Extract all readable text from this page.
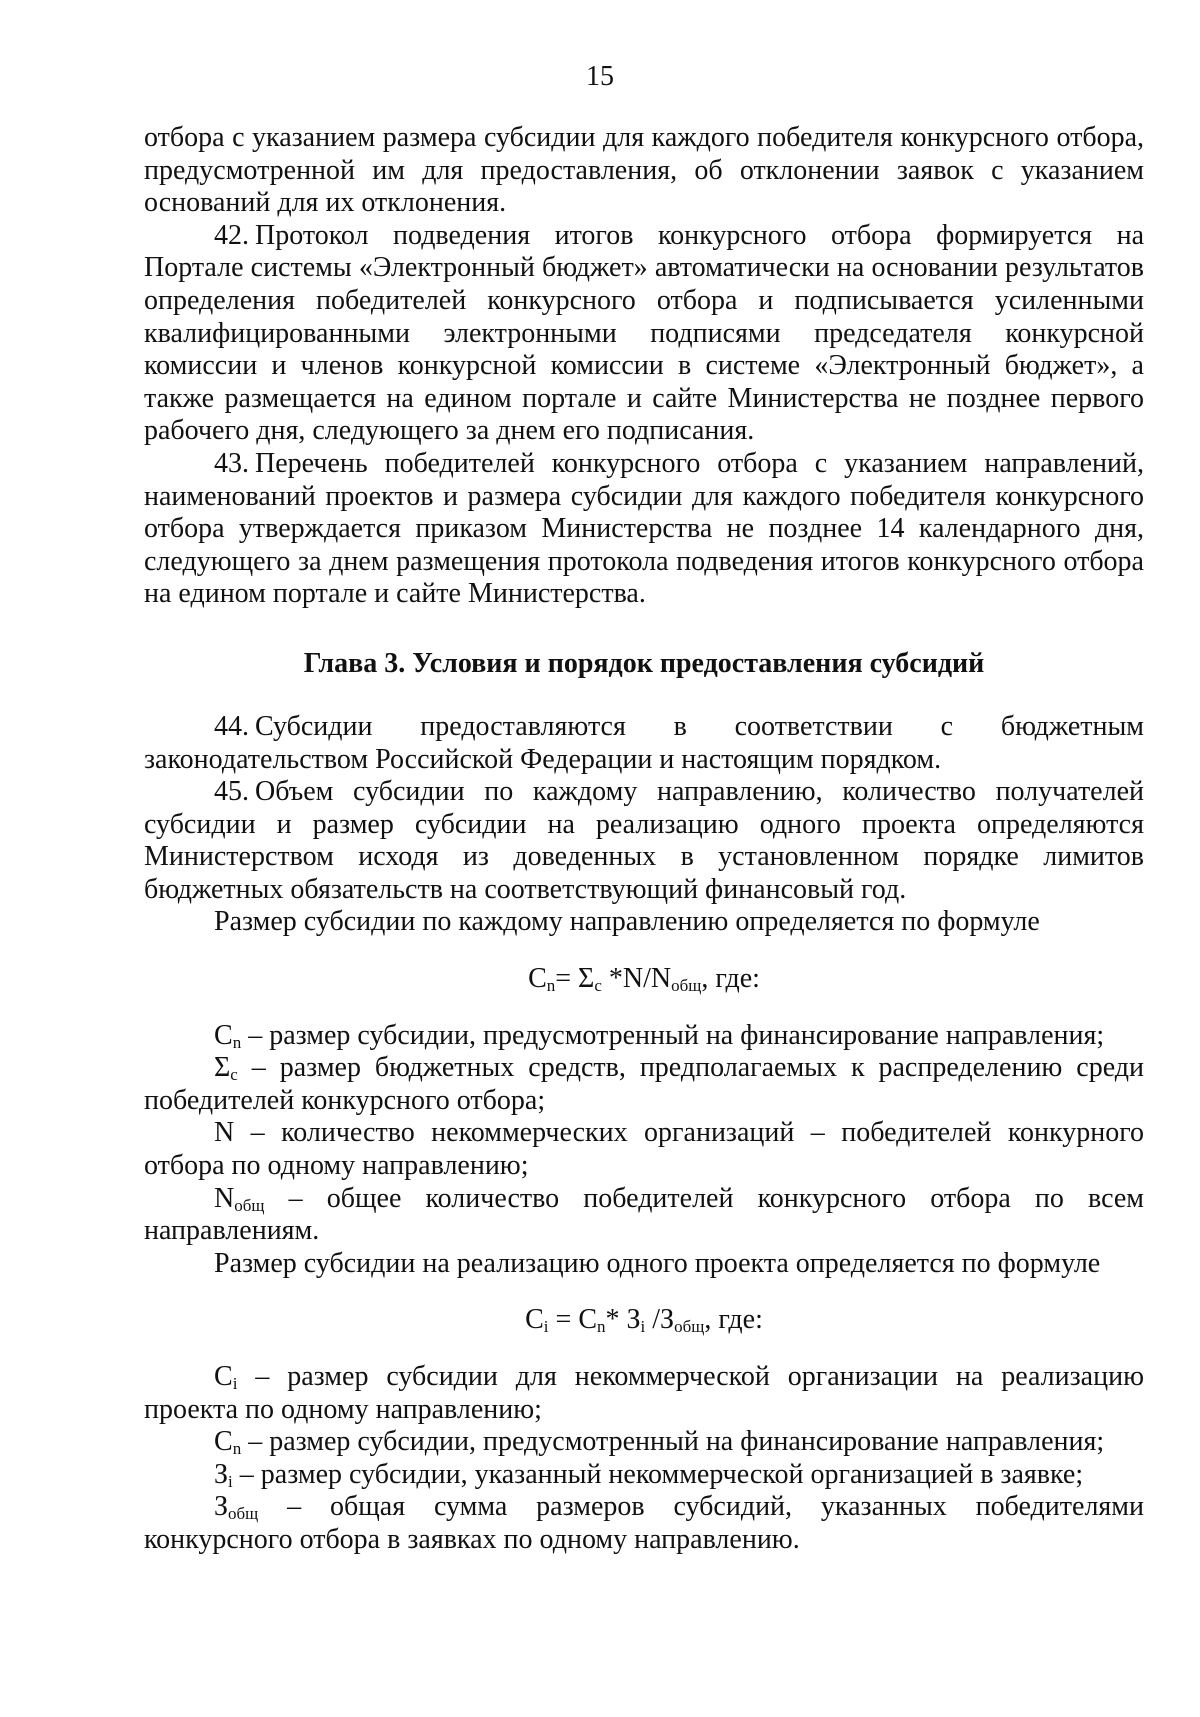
15

отбора с указанием размера субсидии для каждого победителя конкурсного отбора, предусмотренной им для предоставления, об отклонении заявок с указанием оснований для их отклонения.

42. Протокол подведения итогов конкурсного отбора формируется на Портале системы «Электронный бюджет» автоматически на основании результатов определения победителей конкурсного отбора и подписывается усиленными квалифицированными электронными подписями председателя конкурсной комиссии и членов конкурсной комиссии в системе «Электронный бюджет», а также размещается на едином портале и сайте Министерства не позднее первого рабочего дня, следующего за днем его подписания.

43. Перечень победителей конкурсного отбора с указанием направлений, наименований проектов и размера субсидии для каждого победителя конкурсного отбора утверждается приказом Министерства не позднее 14 календарного дня, следующего за днем размещения протокола подведения итогов конкурсного отбора на едином портале и сайте Министерства.

Глава 3. Условия и порядок предоставления субсидий

44. Субсидии предоставляются в соответствии с бюджетным законодательством Российской Федерации и настоящим порядком.

45. Объем субсидии по каждому направлению, количество получателей субсидии и размер субсидии на реализацию одного проекта определяются Министерством исходя из доведенных в установленном порядке лимитов бюджетных обязательств на соответствующий финансовый год.

Размер субсидии по каждому направлению определяется по формуле

$C_n= \Sigma_с$ $*N/N_{общ}$, где:

$C_n$ – размер субсидии, предусмотренный на финансирование направления;

$\Sigma_с$ – размер бюджетных средств, предполагаемых к распределению среди победителей конкурсного отбора;

N – количество некоммерческих организаций – победителей конкурного отбора по одному направлению;

$N_{общ}$ – общее количество победителей конкурсного отбора по всем направлениям.

Размер субсидии на реализацию одного проекта определяется по формуле

$C_i = C_n*$ $З_i$ $/З_{общ}$, где:

$C_i$ – размер субсидии для некоммерческой организации на реализацию проекта по одному направлению;

$C_n$ – размер субсидии, предусмотренный на финансирование направления;

$З_i$ – размер субсидии, указанный некоммерческой организацией в заявке;

$З_{общ}$ – общая сумма размеров субсидий, указанных победителями конкурсного отбора в заявках по одному направлению.
